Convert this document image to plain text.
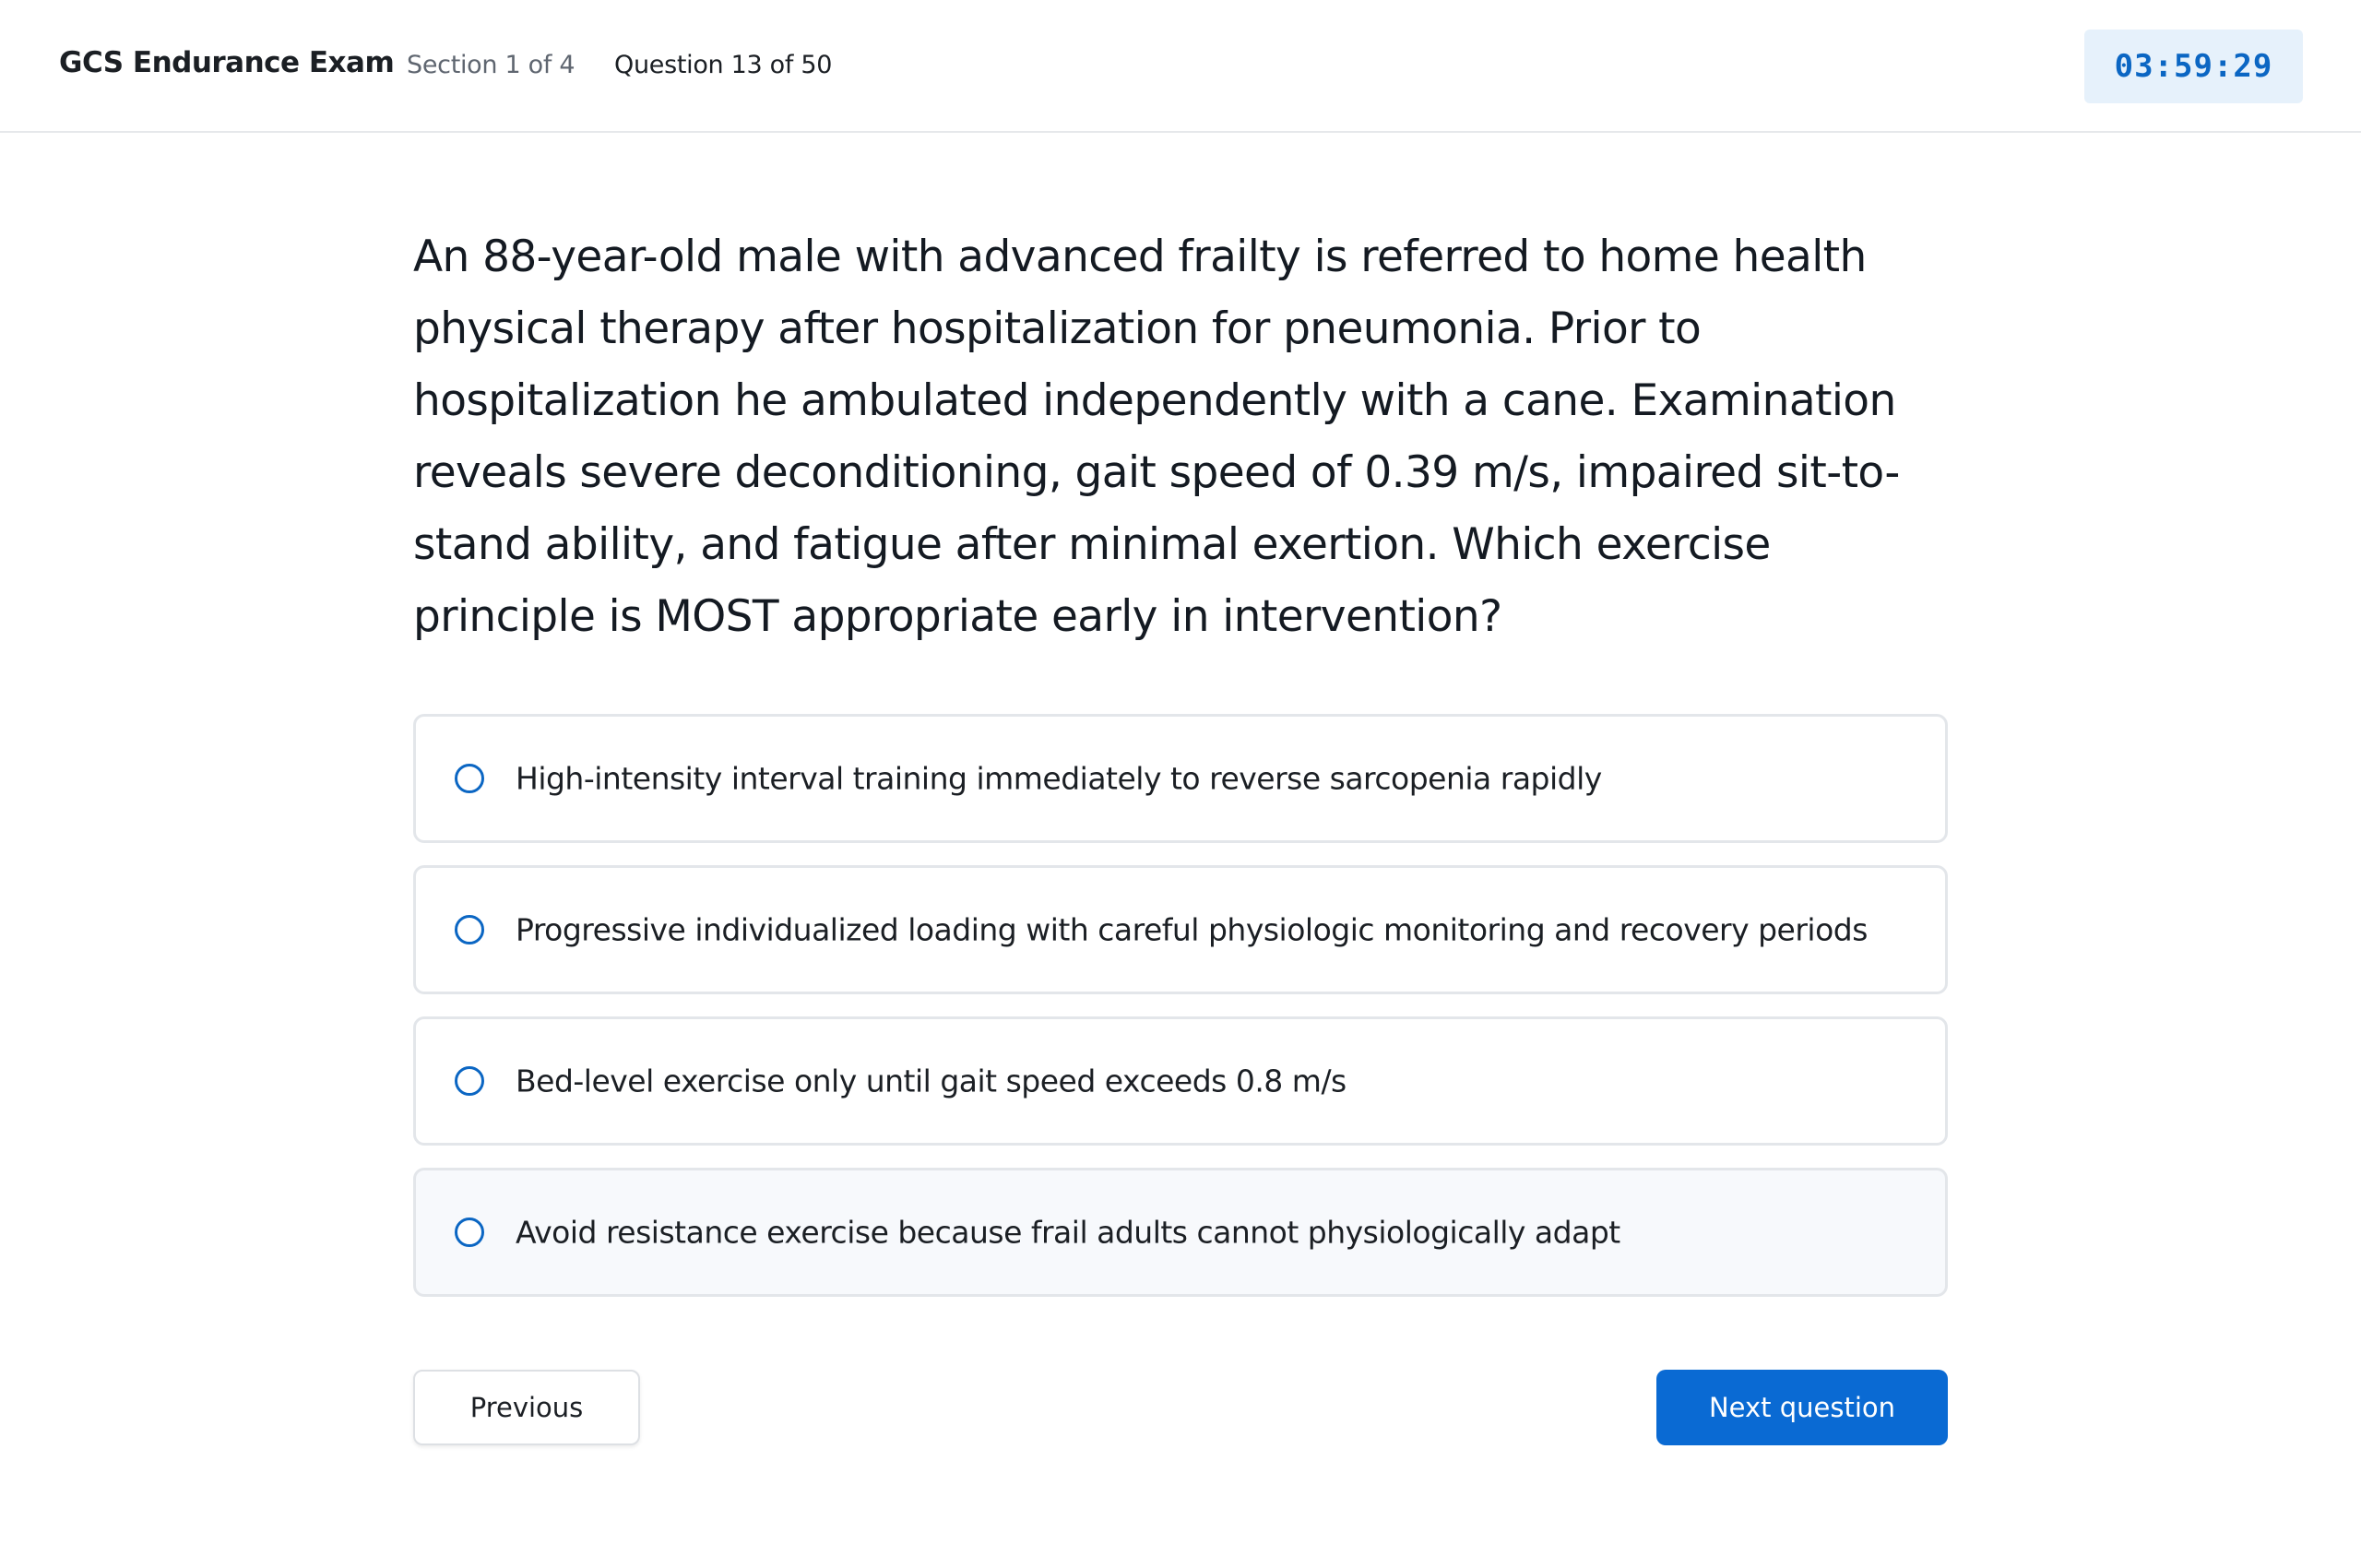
GCS Endurance Exam Section 1 of 4 Question 13 of 50	03:59:29
An 88-year-old male with advanced frailty is referred to home health physical therapy after hospitalization for pneumonia. Prior to hospitalization he ambulated independently with a cane. Examination reveals severe deconditioning, gait speed of 0.39 m/s, impaired sit-to-stand ability, and fatigue after minimal exertion. Which exercise principle is MOST appropriate early in intervention?
High-intensity interval training immediately to reverse sarcopenia rapidly
Progressive individualized loading with careful physiologic monitoring and recovery periods
Bed-level exercise only until gait speed exceeds 0.8 m/s
Avoid resistance exercise because frail adults cannot physiologically adapt
Previous	Next question
